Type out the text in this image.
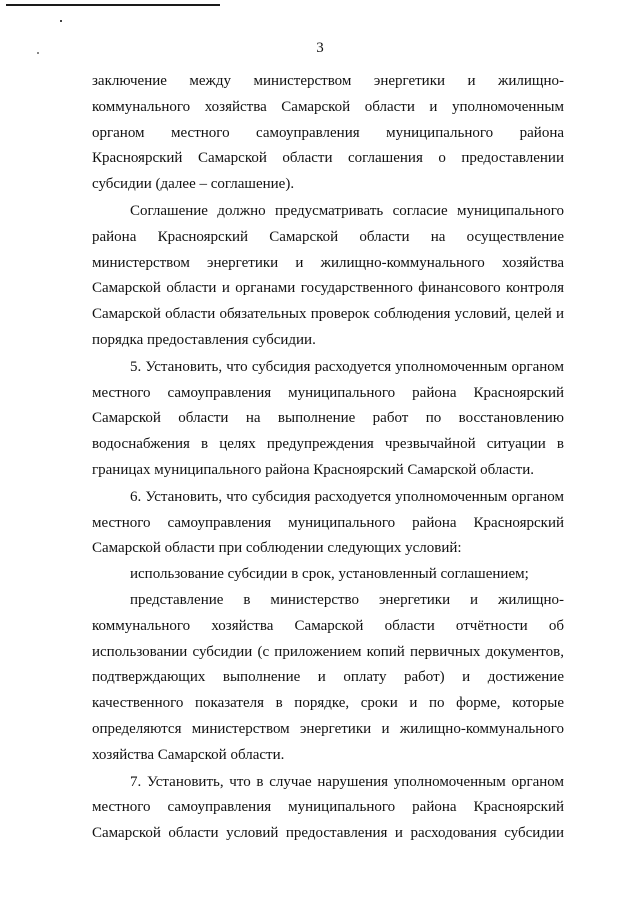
3

заключение между министерством энергетики и жилищно-коммунального хозяйства Самарской области и уполномоченным органом местного самоуправления муниципального района Красноярский Самарской области соглашения о предоставлении субсидии (далее – соглашение).

Соглашение должно предусматривать согласие муниципального района Красноярский Самарской области на осуществление министерством энергетики и жилищно-коммунального хозяйства Самарской области и органами государственного финансового контроля Самарской области обязательных проверок соблюдения условий, целей и порядка предоставления субсидии.

5. Установить, что субсидия расходуется уполномоченным органом местного самоуправления муниципального района Красноярский Самарской области на выполнение работ по восстановлению водоснабжения в целях предупреждения чрезвычайной ситуации в границах муниципального района Красноярский Самарской области.

6. Установить, что субсидия расходуется уполномоченным органом местного самоуправления муниципального района Красноярский Самарской области при соблюдении следующих условий:

использование субсидии в срок, установленный соглашением;

представление в министерство энергетики и жилищно-коммунального хозяйства Самарской области отчётности об использовании субсидии (с приложением копий первичных документов, подтверждающих выполнение и оплату работ) и достижение качественного показателя в порядке, сроки и по форме, которые определяются министерством энергетики и жилищно-коммунального хозяйства Самарской области.

7. Установить, что в случае нарушения уполномоченным органом местного самоуправления муниципального района Красноярский Самарской области условий предоставления и расходования субсидии
